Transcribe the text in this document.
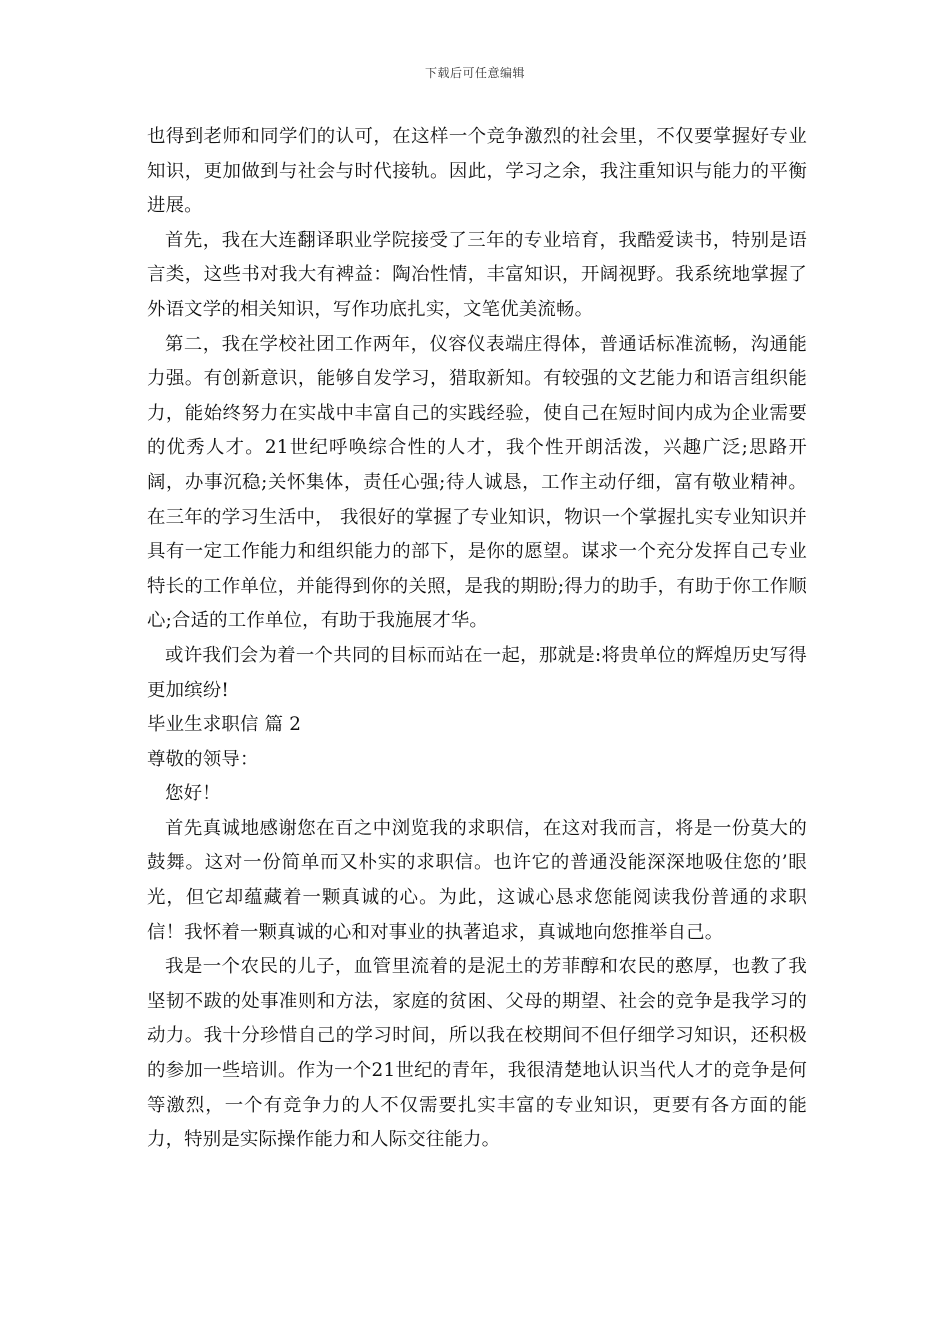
下载后可任意编辑

也得到老师和同学们的认可，在这样一个竞争激烈的社会里，不仅要掌握好专业知识，更加做到与社会与时代接轨。因此，学习之余，我注重知识与能力的平衡进展。

首先，我在大连翻译职业学院接受了三年的专业培育，我酷爱读书，特别是语言类，这些书对我大有裨益：陶冶性情，丰富知识，开阔视野。我系统地掌握了外语文学的相关知识，写作功底扎实，文笔优美流畅。

第二，我在学校社团工作两年，仪容仪表端庄得体，普通话标准流畅，沟通能力强。有创新意识，能够自发学习，猎取新知。有较强的文艺能力和语言组织能力，能始终努力在实战中丰富自己的实践经验，使自己在短时间内成为企业需要的优秀人才。21世纪呼唤综合性的人才，我个性开朗活泼，兴趣广泛;思路开阔，办事沉稳;关怀集体，责任心强;待人诚恳，工作主动仔细，富有敬业精神。在三年的学习生活中， 我很好的掌握了专业知识，物识一个掌握扎实专业知识并具有一定工作能力和组织能力的部下，是你的愿望。谋求一个充分发挥自己专业特长的工作单位，并能得到你的关照，是我的期盼;得力的助手，有助于你工作顺心;合适的工作单位，有助于我施展才华。

或许我们会为着一个共同的目标而站在一起，那就是:将贵单位的辉煌历史写得更加缤纷!

毕业生求职信 篇 2

尊敬的领导：

您好！

首先真诚地感谢您在百之中浏览我的求职信，在这对我而言，将是一份莫大的鼓舞。这对一份简单而又朴实的求职信。也许它的普通没能深深地吸住您的’眼光，但它却蕴藏着一颗真诚的心。为此，这诚心恳求您能阅读我份普通的求职信！我怀着一颗真诚的心和对事业的执著追求，真诚地向您推举自己。

我是一个农民的儿子，血管里流着的是泥土的芳菲醇和农民的憨厚，也教了我坚韧不跋的处事准则和方法，家庭的贫困、父母的期望、社会的竞争是我学习的动力。我十分珍惜自己的学习时间，所以我在校期间不但仔细学习知识，还积极的参加一些培训。作为一个21世纪的青年，我很清楚地认识当代人才的竞争是何等激烈，一个有竞争力的人不仅需要扎实丰富的专业知识，更要有各方面的能力，特别是实际操作能力和人际交往能力。
